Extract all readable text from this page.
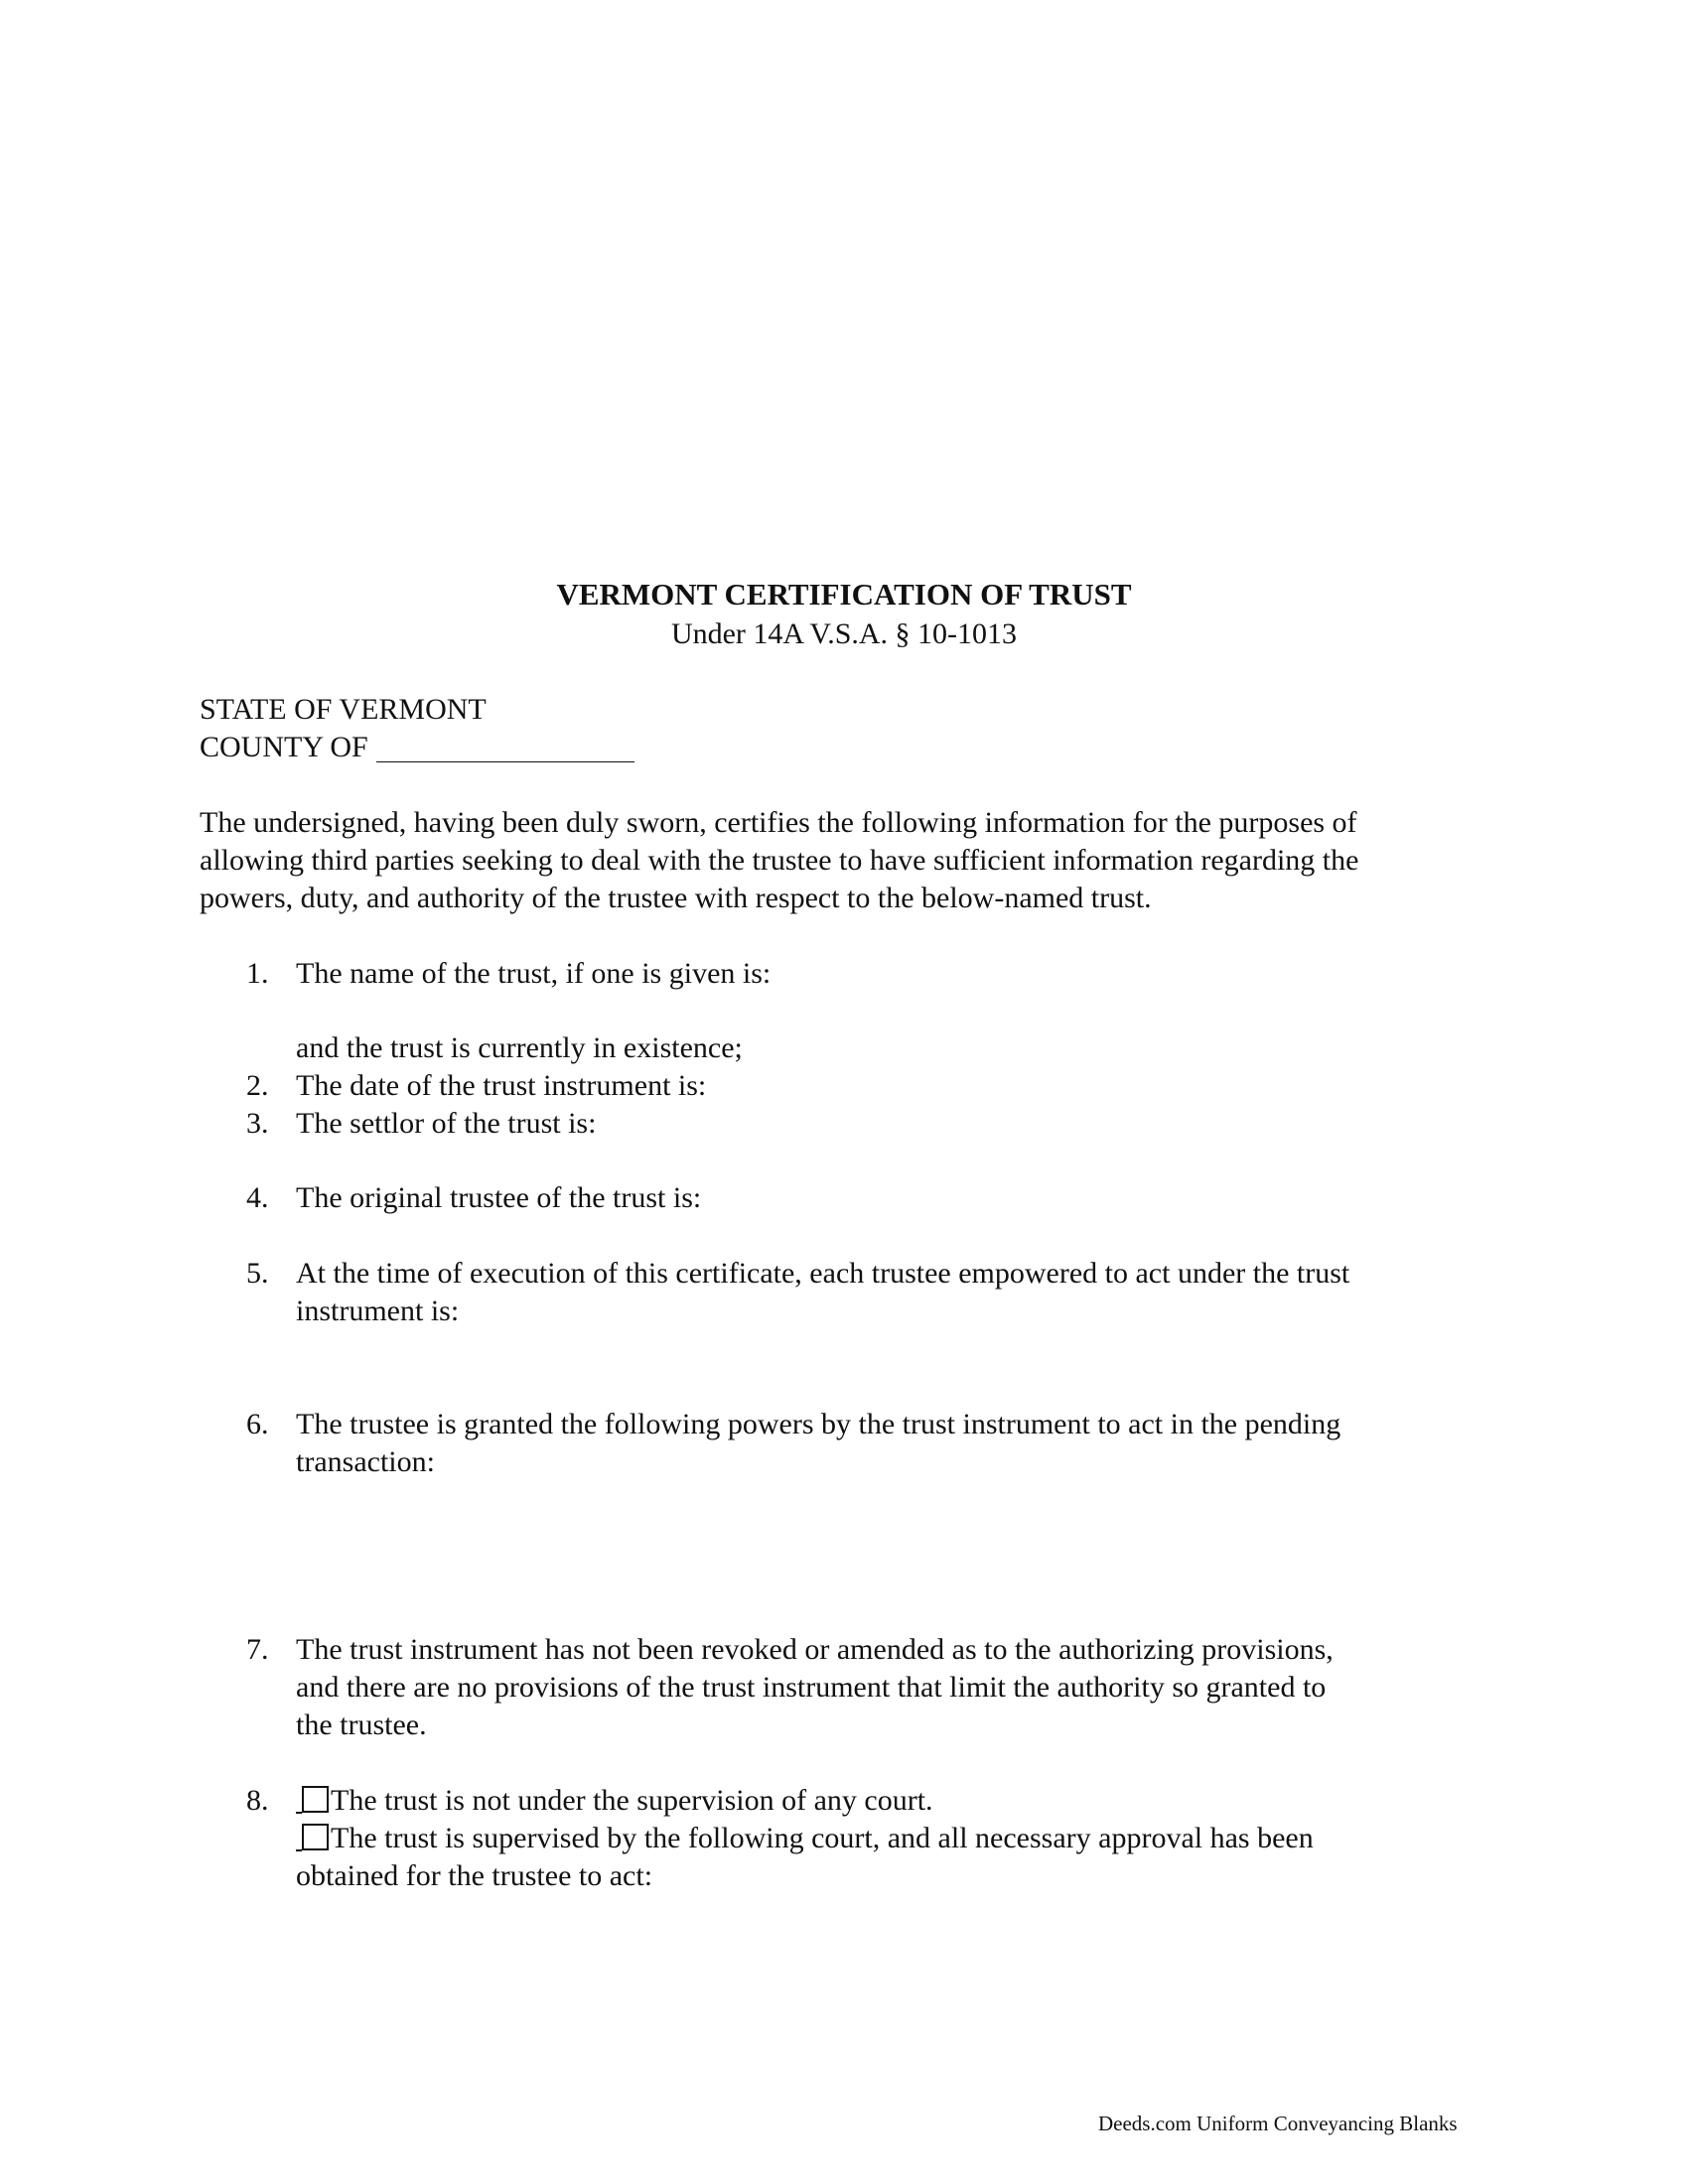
VERMONT CERTIFICATION OF TRUST
Under 14A V.S.A. § 10-1013
STATE OF VERMONT
COUNTY OF
The undersigned, having been duly sworn, certifies the following information for the purposes of
allowing third parties seeking to deal with the trustee to have sufficient information regarding the
powers, duty, and authority of the trustee with respect to the below-named trust.
1. The name of the trust, if one is given is:
and the trust is currently in existence;
2. The date of the trust instrument is:
3. The settlor of the trust is:
4. The original trustee of the trust is:
5. At the time of execution of this certificate, each trustee empowered to act under the trust
instrument is:
6. The trustee is granted the following powers by the trust instrument to act in the pending
transaction:
7. The trust instrument has not been revoked or amended as to the authorizing provisions,
and there are no provisions of the trust instrument that limit the authority so granted to
the trustee.
8.	The trust is not under the supervision of any court.
The trust is supervised by the following court, and all necessary approval has been
obtained for the trustee to act:
Deeds.com Uniform Conveyancing Blanks
